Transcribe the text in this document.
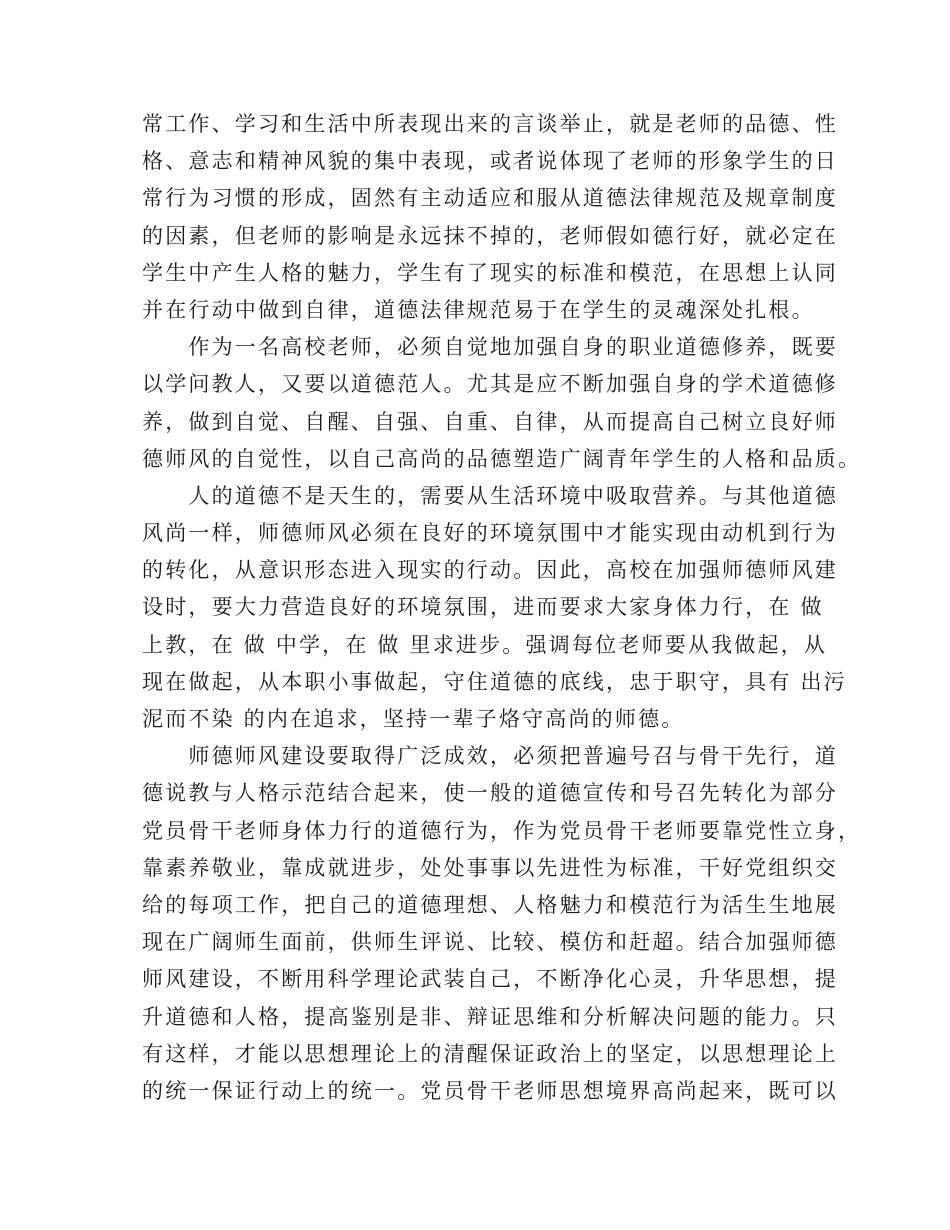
常工作、学习和生活中所表现出来的言谈举止，就是老师的品德、性
格、意志和精神风貌的集中表现，或者说体现了老师的形象学生的日
常行为习惯的形成，固然有主动适应和服从道德法律规范及规章制度
的因素，但老师的影响是永远抹不掉的，老师假如德行好，就必定在
学生中产生人格的魅力，学生有了现实的标准和模范，在思想上认同
并在行动中做到自律，道德法律规范易于在学生的灵魂深处扎根。

　　作为一名高校老师，必须自觉地加强自身的职业道德修养，既要
以学问教人，又要以道德范人。尤其是应不断加强自身的学术道德修
养，做到自觉、自醒、自强、自重、自律，从而提高自己树立良好师
德师风的自觉性，以自己高尚的品德塑造广阔青年学生的人格和品质。

　　人的道德不是天生的，需要从生活环境中吸取营养。与其他道德
风尚一样，师德师风必须在良好的环境氛围中才能实现由动机到行为
的转化，从意识形态进入现实的行动。因此，高校在加强师德师风建
设时，要大力营造良好的环境氛围，进而要求大家身体力行，在 做
上教，在 做 中学，在 做 里求进步。强调每位老师要从我做起，从
现在做起，从本职小事做起，守住道德的底线，忠于职守，具有 出污
泥而不染 的内在追求，坚持一辈子烙守高尚的师德。

　　师德师风建设要取得广泛成效，必须把普遍号召与骨干先行，道
德说教与人格示范结合起来，使一般的道德宣传和号召先转化为部分
党员骨干老师身体力行的道德行为，作为党员骨干老师要靠党性立身，
靠素养敬业，靠成就进步，处处事事以先进性为标准，干好党组织交
给的每项工作，把自己的道德理想、人格魅力和模范行为活生生地展
现在广阔师生面前，供师生评说、比较、模仿和赶超。结合加强师德
师风建设，不断用科学理论武装自己，不断净化心灵，升华思想，提
升道德和人格，提高鉴别是非、辩证思维和分析解决问题的能力。只
有这样，才能以思想理论上的清醒保证政治上的坚定，以思想理论上
的统一保证行动上的统一。党员骨干老师思想境界高尚起来，既可以
